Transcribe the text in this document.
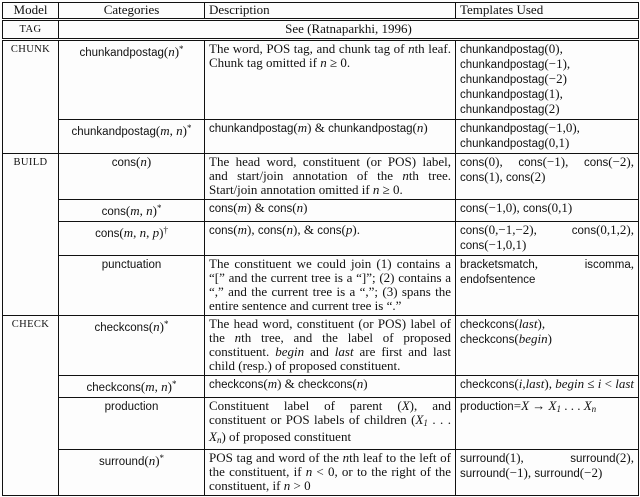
Model	Categories	Description	Templates Used
TAG	See (Ratnaparkhi, 1996)		
CHUNK	chunkandpostag(n)*	The word, POS tag, and chunk tag of nth leaf. Chunk tag omitted if n ≥ 0.	chunkandpostag(0), chunkandpostag(−1), chunkandpostag(−2) chunkandpostag(1), chunkandpostag(2)
	chunkandpostag(m, n)*	chunkandpostag(m) & chunkandpostag(n)	chunkandpostag(−1,0), chunkandpostag(0,1)
BUILD	cons(n)	The head word, constituent (or POS) label, and start/join annotation of the nth tree. Start/join annotation omitted if n ≥ 0.	cons(0), cons(−1), cons(−2), cons(1), cons(2)
	cons(m, n)*	cons(m) & cons(n)	cons(−1,0), cons(0,1)
	cons(m, n, p)†	cons(m), cons(n), & cons(p).	cons(0,−1,−2), cons(0,1,2), cons(−1,0,1)
	punctuation	The constituent we could join (1) contains a “[” and the current tree is a “]”; (2) contains a “,” and the current tree is a “,”; (3) spans the entire sentence and current tree is “.”	bracketsmatch, iscomma, endofsentence
CHECK	checkcons(n)*	The head word, constituent (or POS) label of the nth tree, and the label of proposed constituent. begin and last are first and last child (resp.) of proposed constituent.	checkcons(last), checkcons(begin)
	checkcons(m, n)*	checkcons(m) & checkcons(n)	checkcons(i,last), begin ≤ i < last
	production	Constituent label of parent (X), and constituent or POS labels of children (X1 . . . Xn) of proposed constituent	production=X → X1 . . . Xn
	surround(n)*	POS tag and word of the nth leaf to the left of the constituent, if n < 0, or to the right of the constituent, if n > 0	surround(1), surround(2), surround(−1), surround(−2)
